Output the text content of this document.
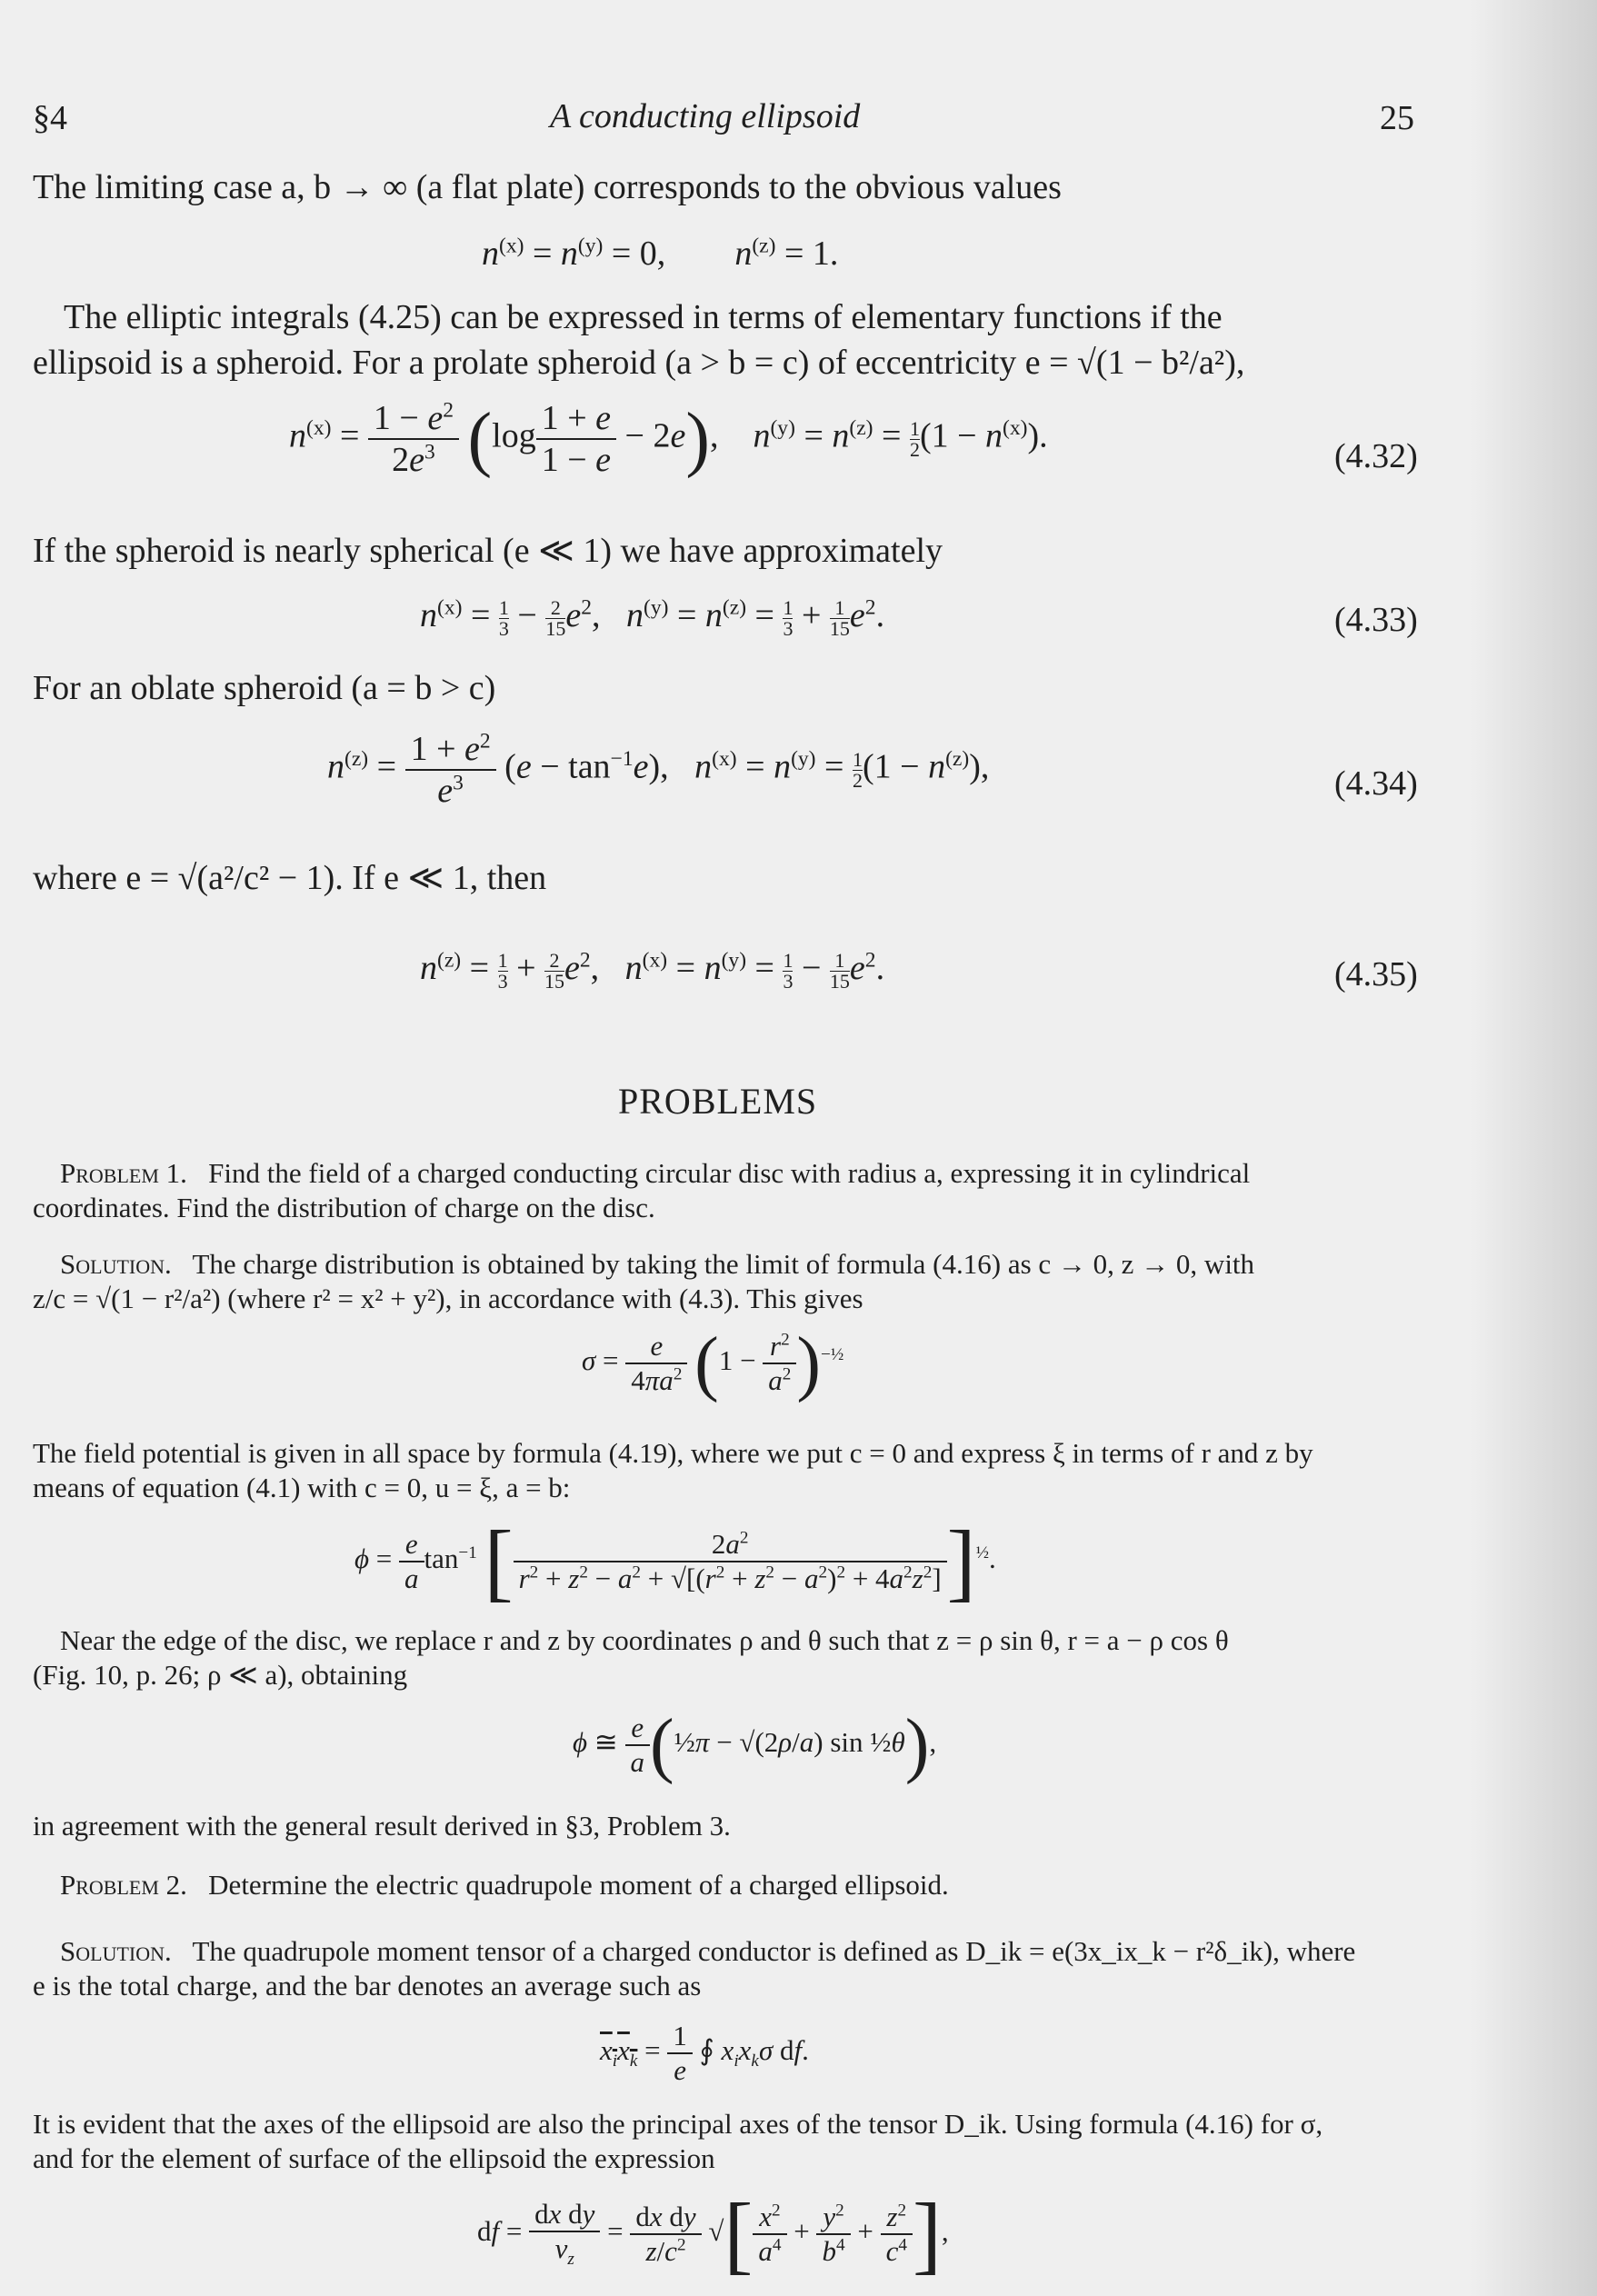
§4	A conducting ellipsoid	25
The limiting case a, b → ∞ (a flat plate) corresponds to the obvious values
$n^{(x)} = n^{(y)} = 0$,        $n^{(z)} = 1$.
The elliptic integrals (4.25) can be expressed in terms of elementary functions if the
ellipsoid is a spheroid. For a prolate spheroid (a > b = c) of eccentricity e = √(1 − b²/a²),
$n^{(x)} = \frac{1 - e^2}{2e^3} (\log \frac{1 + e}{1 - e} - 2e)$,    $n^{(y)} = n^{(z)} = \frac{1}{2} (1 - n^{(x)})$.
(4.32)
If the spheroid is nearly spherical (e ≪ 1) we have approximately
$n^{(x)} = \frac{1}{3} - \frac{2}{15} e^2$,   $n^{(y)} = n^{(z)} = \frac{1}{3} + \frac{1}{15} e^2$.	(4.33)
For an oblate spheroid (a = b > c)
$n^{(z)} = \frac{1 + e^2}{e^3} (e - \tan^{-1}e)$,   $n^{(x)} = n^{(y)} = \frac{1}{2} (1 - n^{(z)})$,	(4.34)
where e = √(a²/c² − 1). If e ≪ 1, then
$n^{(z)} = \frac{1}{3} + \frac{2}{15} e^2$,   $n^{(x)} = n^{(y)} = \frac{1}{3} - \frac{1}{15} e^2$.	(4.35)
PROBLEMS
Problem 1. Find the field of a charged conducting circular disc with radius a, expressing it in cylindrical
coordinates. Find the distribution of charge on the disc.
Solution. The charge distribution is obtained by taking the limit of formula (4.16) as c → 0, z → 0, with
z/c = √(1 − r²/a²) (where r² = x² + y²), in accordance with (4.3). This gives
$\sigma = \frac{e}{4\pi a^2} (1 - \frac{r^2}{a^2} )^{-\frac{1}{2}}$
The field potential is given in all space by formula (4.19), where we put c = 0 and express ξ in terms of r and z by
means of equation (4.1) with c = 0, u = ξ, a = b:
$\phi = \frac{e}{a} \tan^{-1}$ [ $\frac{2a^2}{r^2 + z^2 - a^2 + √[(r^2 + z^2 - a^2)^2 + 4a^2z^2]} ]^{\frac{1}{2}}$.
Near the edge of the disc, we replace r and z by coordinates ρ and θ such that z = ρ sin θ, r = a − ρ cos θ
(Fig. 10, p. 26; ρ ≪ a), obtaining
ϕ ≅ $\frac{e}{a}$ (½π − √(2ρ/a) sin ½θ),
in agreement with the general result derived in §3, Problem 3.
Problem 2. Determine the electric quadrupole moment of a charged ellipsoid.
Solution. The quadrupole moment tensor of a charged conductor is defined as D_ik = e(3x_ix_k − r²δ_ik), where
e is the total charge, and the bar denotes an average such as
$x_ix_k = \frac{1}{e}$ ∮ $x_ix_k\sigma$ df.
It is evident that the axes of the ellipsoid are also the principal axes of the tensor D_ik. Using formula (4.16) for σ,
and for the element of surface of the ellipsoid the expression
df = $\frac{\text{dx dy}}{\nu_z} = \frac{\text{dx dy}}{z/c^2}$ √[ $\frac{x^2}{a^4} + \frac{y^2}{b^4} + \frac{z^2}{c^4}$ ],
